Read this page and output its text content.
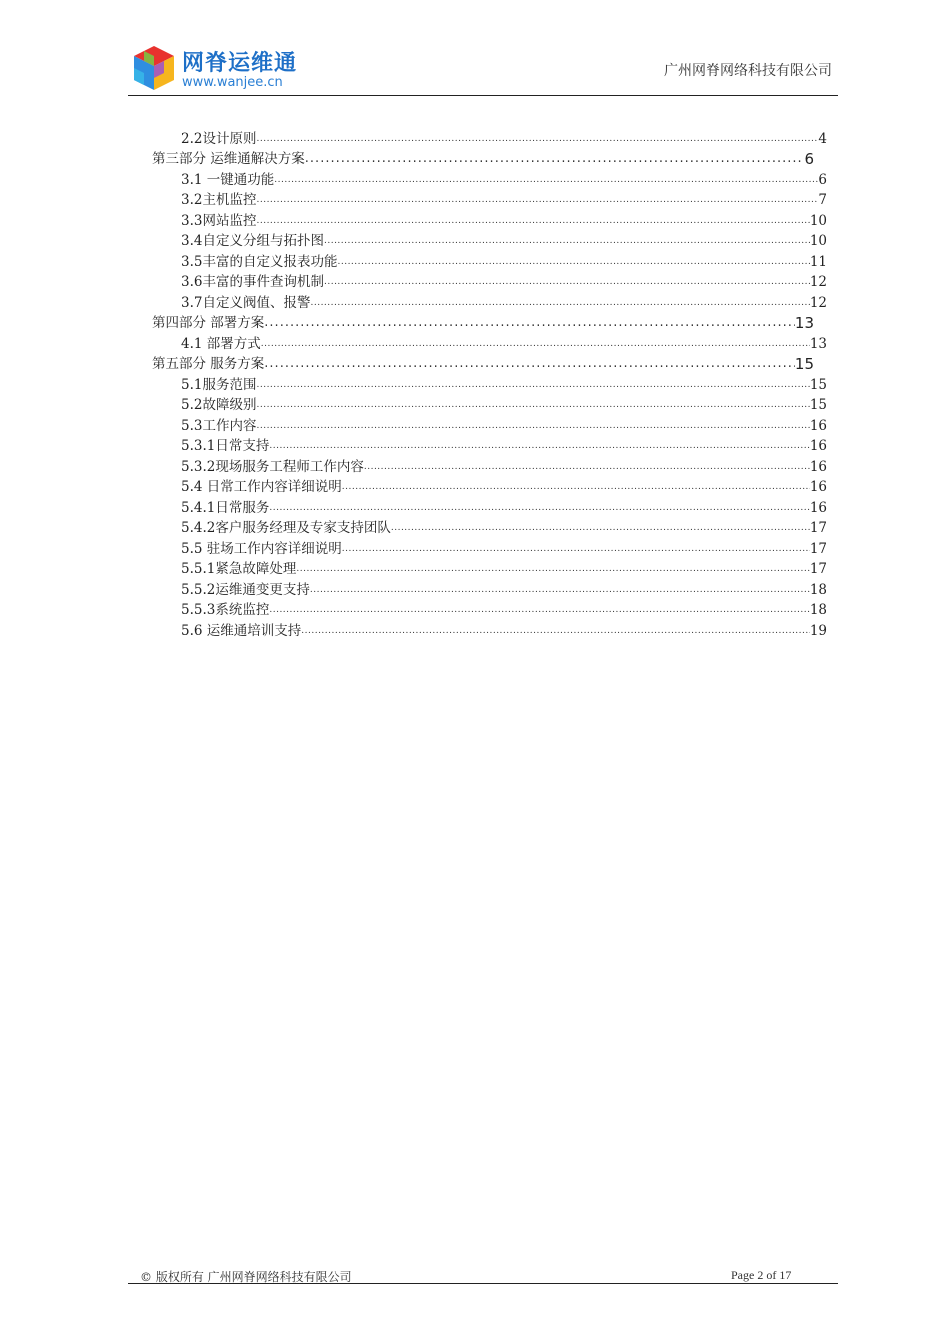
网脊运维通
www.wanjee.cn
广州网脊网络科技有限公司
2.2设计原则 .....	4
第三部分 运维通解决方案 .....	6
3.1 一键通功能 .....	6
3.2主机监控 .....	7
3.3网站监控 .....	10
3.4自定义分组与拓扑图 .....	10
3.5丰富的自定义报表功能 .....	11
3.6丰富的事件查询机制 .....	12
3.7自定义阀值、报警 .....	12
第四部分 部署方案 .....	13
4.1 部署方式 .....	13
第五部分 服务方案 .....	15
5.1服务范围 .....	15
5.2故障级别 .....	15
5.3工作内容 .....	16
5.3.1日常支持 .....	16
5.3.2现场服务工程师工作内容 .....	16
5.4 日常工作内容详细说明 .....	16
5.4.1日常服务 .....	16
5.4.2客户服务经理及专家支持团队 .....	17
5.5 驻场工作内容详细说明 .....	17
5.5.1紧急故障处理 .....	17
5.5.2运维通变更支持 .....	18
5.5.3系统监控 .....	18
5.6 运维通培训支持 .....	19
© 版权所有 广州网脊网络科技有限公司	Page 2 of 17
